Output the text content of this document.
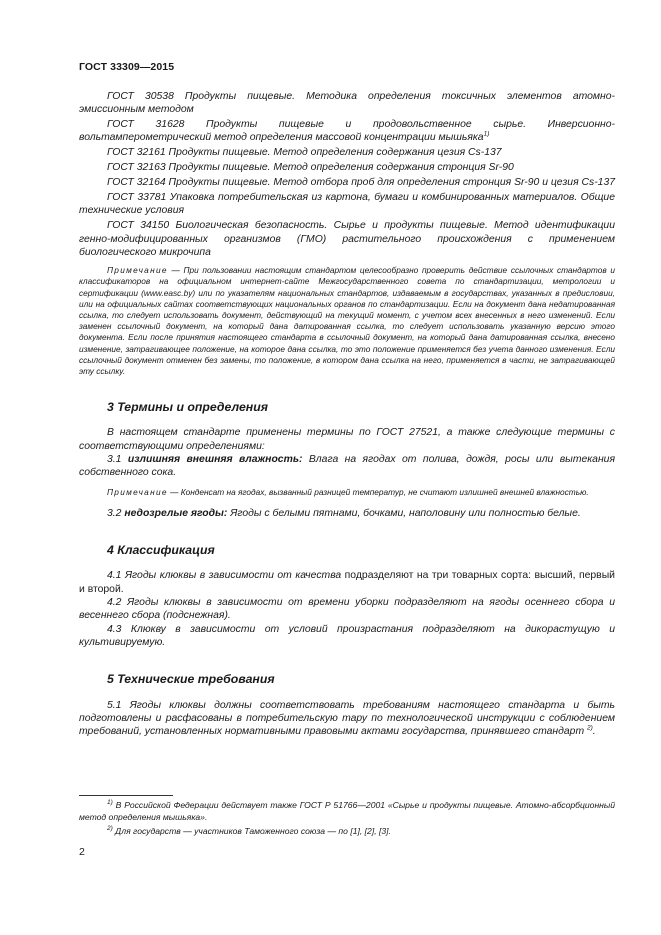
ГОСТ 33309—2015

ГОСТ 30538 Продукты пищевые. Методика определения токсичных элементов атомно-эмиссионным методом

ГОСТ 31628 Продукты пищевые и продовольственное сырье. Инверсионно-вольтамперометрический метод определения массовой концентрации мышьяка$^{1)}$

ГОСТ 32161 Продукты пищевые. Метод определения содержания цезия Cs-137

ГОСТ 32163 Продукты пищевые. Метод определения содержания стронция Sr-90

ГОСТ 32164 Продукты пищевые. Метод отбора проб для определения стронция Sr-90 и цезия Cs-137

ГОСТ 33781 Упаковка потребительская из картона, бумаги и комбинированных материалов. Общие технические условия

ГОСТ 34150 Биологическая безопасность. Сырье и продукты пищевые. Метод идентификации генно-модифицированных организмов (ГМО) растительного происхождения с применением биологического микрочипа

Примечание — При пользовании настоящим стандартом целесообразно проверить действие ссылочных стандартов и классификаторов на официальном интернет-сайте Межгосударственного совета по стандартизации, метрологии и сертификации (www.easc.by) или по указателям национальных стандартов, издаваемым в государствах, указанных в предисловии, или на официальных сайтах соответствующих национальных органов по стандартизации. Если на документ дана недатированная ссылка, то следует использовать документ, действующий на текущий момент, с учетом всех внесенных в него изменений. Если заменен ссылочный документ, на который дана датированная ссылка, то следует использовать указанную версию этого документа. Если после принятия настоящего стандарта в ссылочный документ, на который дана датированная ссылка, внесено изменение, затрагивающее положение, на которое дана ссылка, то это положение применяется без учета данного изменения. Если ссылочный документ отменен без замены, то положение, в котором дана ссылка на него, применяется в части, не затрагивающей эту ссылку.

3 Термины и определения

В настоящем стандарте применены термины по ГОСТ 27521, а также следующие термины с соответствующими определениями:

3.1 излишняя внешняя влажность: Влага на ягодах от полива, дождя, росы или вытекания собственного сока.

Примечание — Конденсат на ягодах, вызванный разницей температур, не считают излишней внешней влажностью.

3.2 недозрелые ягоды: Ягоды с белыми пятнами, бочками, наполовину или полностью белые.

4 Классификация

4.1 Ягоды клюквы в зависимости от качества подразделяют на три товарных сорта: высший, первый и второй.

4.2 Ягоды клюквы в зависимости от времени уборки подразделяют на ягоды осеннего сбора и весеннего сбора (подснежная).

4.3 Клюкву в зависимости от условий произрастания подразделяют на дикорастущую и культивируемую.

5 Технические требования

5.1 Ягоды клюквы должны соответствовать требованиям настоящего стандарта и быть подготовлены и расфасованы в потребительскую тару по технологической инструкции с соблюдением требований, установленных нормативными правовыми актами государства, принявшего стандарт $^{2)}$.

$^{1)}$ В Российской Федерации действует также ГОСТ Р 51766—2001 «Сырье и продукты пищевые. Атомно-абсорбционный метод определения мышьяка».

$^{2)}$ Для государств — участников Таможенного союза — по [1], [2], [3].

2
